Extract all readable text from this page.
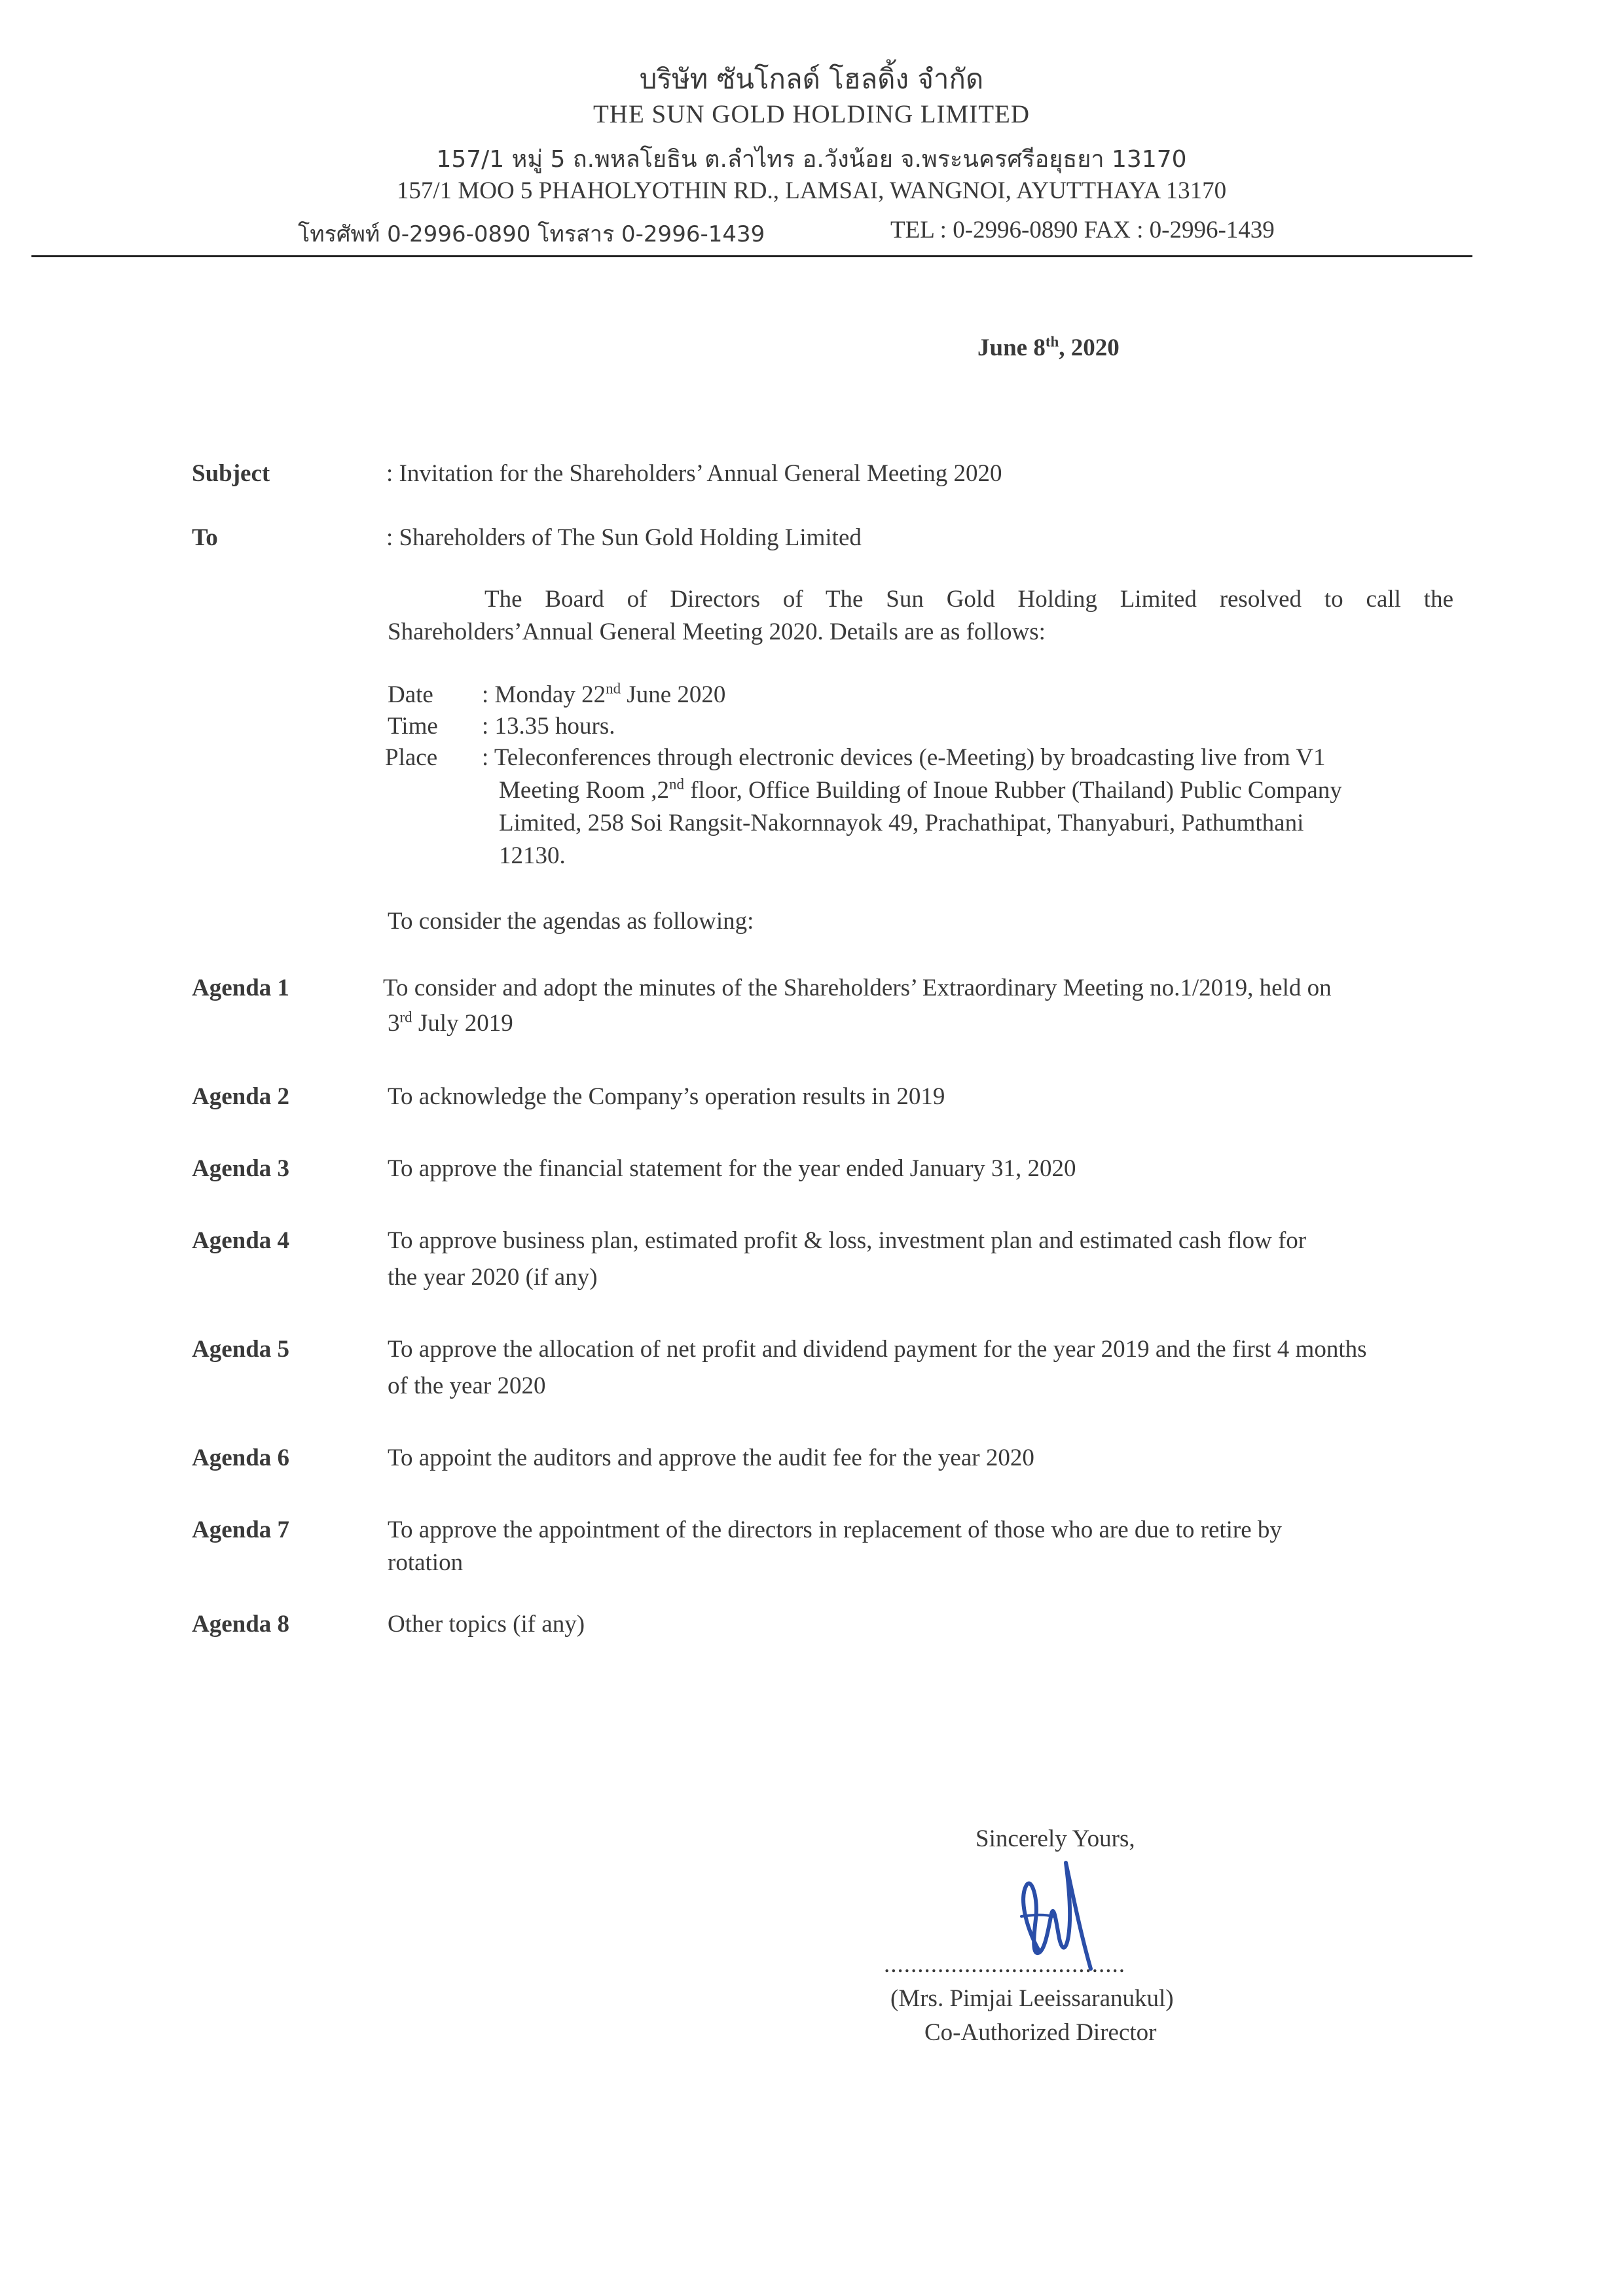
บริษัท ซันโกลด์ โฮลดิ้ง จำกัด
THE SUN GOLD HOLDING LIMITED
157/1 หมู่ 5 ถ.พหลโยธิน ต.ลำไทร อ.วังน้อย จ.พระนครศรีอยุธยา 13170
157/1 MOO 5 PHAHOLYOTHIN RD., LAMSAI, WANGNOI, AYUTTHAYA 13170
โทรศัพท์ 0-2996-0890 โทรสาร 0-2996-1439	TEL : 0-2996-0890 FAX : 0-2996-1439
June 8th, 2020
Subject	: Invitation for the Shareholders’ Annual General Meeting 2020
To	: Shareholders of The Sun Gold Holding Limited
The Board of Directors of The Sun Gold Holding Limited resolved to call the
Shareholders’Annual General Meeting 2020. Details are as follows:
Date : Monday 22nd June 2020
Time : 13.35 hours.
Place : Teleconferences through electronic devices (e-Meeting) by broadcasting live from V1
Meeting Room ,2nd floor, Office Building of Inoue Rubber (Thailand) Public Company
Limited, 258 Soi Rangsit-Nakornnayok 49, Prachathipat, Thanyaburi, Pathumthani
12130.
To consider the agendas as following:
Agenda 1	To consider and adopt the minutes of the Shareholders’ Extraordinary Meeting no.1/2019, held on
3rd July 2019
Agenda 2	To acknowledge the Company’s operation results in 2019
Agenda 3	To approve the financial statement for the year ended January 31, 2020
Agenda 4	To approve business plan, estimated profit & loss, investment plan and estimated cash flow for
the year 2020 (if any)
Agenda 5	To approve the allocation of net profit and dividend payment for the year 2019 and the first 4 months
of the year 2020
Agenda 6	To appoint the auditors and approve the audit fee for the year 2020
Agenda 7	To approve the appointment of the directors in replacement of those who are due to retire by
rotation
Agenda 8	Other topics (if any)
Sincerely Yours,
....................................
(Mrs. Pimjai Leeissaranukul)
Co-Authorized Director
